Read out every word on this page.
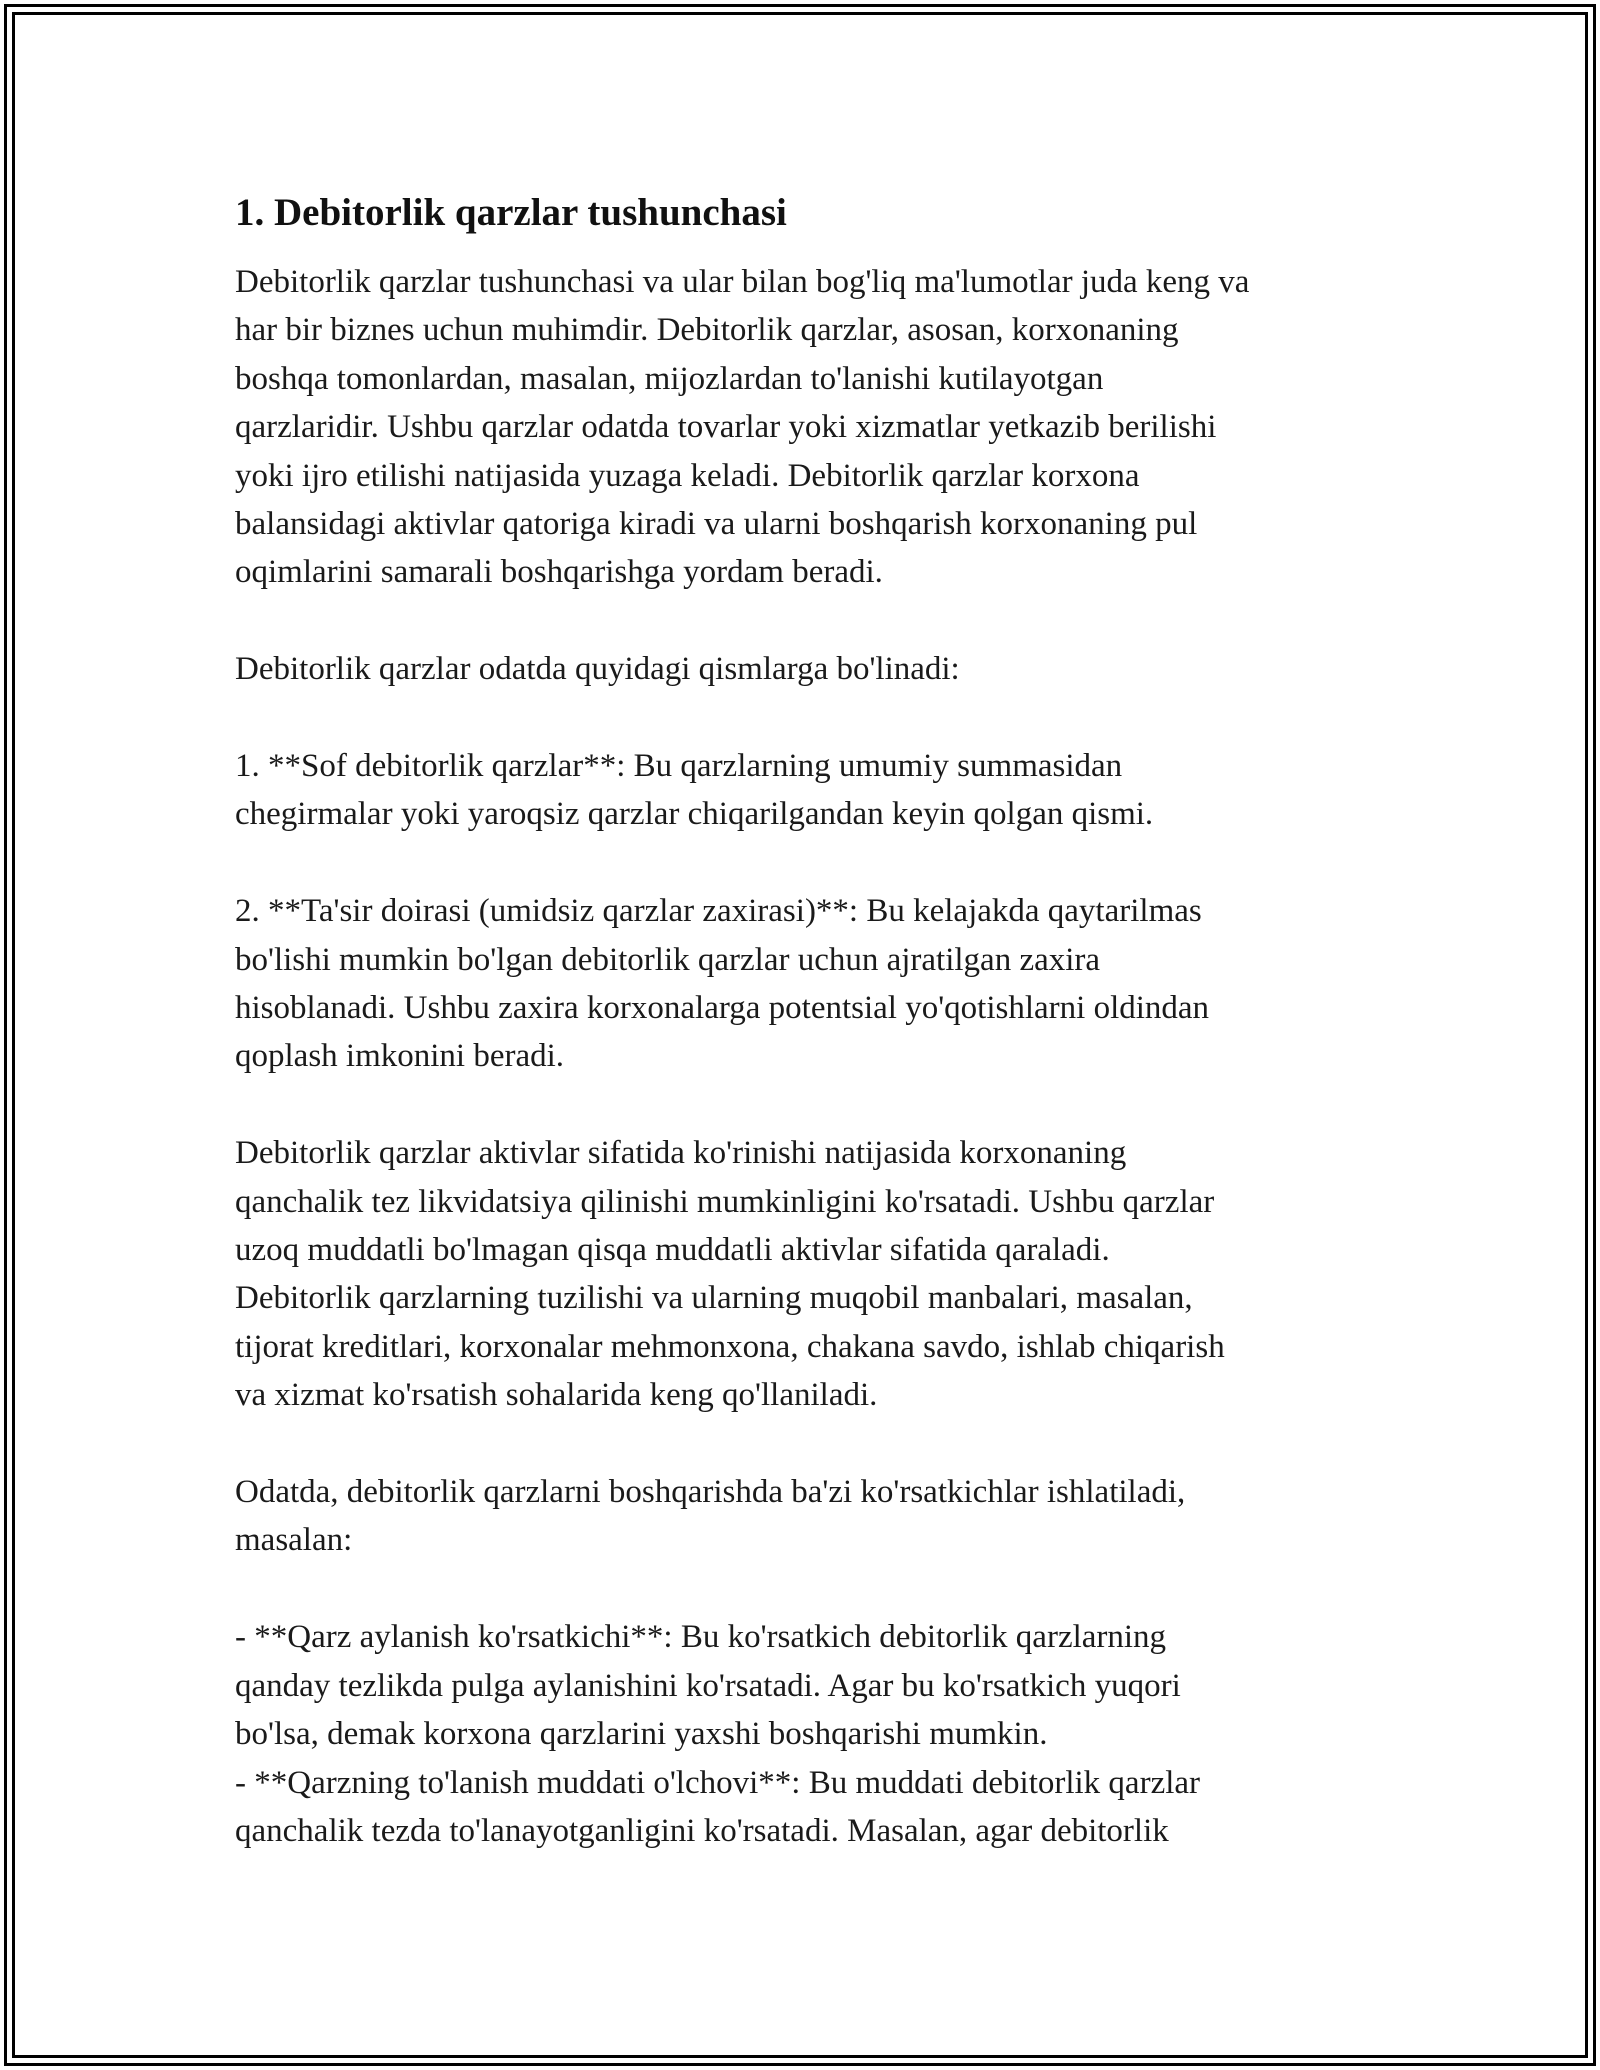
1. Debitorlik qarzlar tushunchasi
Debitorlik qarzlar tushunchasi va ular bilan bog'liq ma'lumotlar juda keng va
har bir biznes uchun muhimdir. Debitorlik qarzlar, asosan, korxonaning
boshqa tomonlardan, masalan, mijozlardan to'lanishi kutilayotgan
qarzlaridir. Ushbu qarzlar odatda tovarlar yoki xizmatlar yetkazib berilishi
yoki ijro etilishi natijasida yuzaga keladi. Debitorlik qarzlar korxona
balansidagi aktivlar qatoriga kiradi va ularni boshqarish korxonaning pul
oqimlarini samarali boshqarishga yordam beradi.
Debitorlik qarzlar odatda quyidagi qismlarga bo'linadi:
1. **Sof debitorlik qarzlar**: Bu qarzlarning umumiy summasidan
chegirmalar yoki yaroqsiz qarzlar chiqarilgandan keyin qolgan qismi.
2. **Ta'sir doirasi (umidsiz qarzlar zaxirasi)**: Bu kelajakda qaytarilmas
bo'lishi mumkin bo'lgan debitorlik qarzlar uchun ajratilgan zaxira
hisoblanadi. Ushbu zaxira korxonalarga potentsial yo'qotishlarni oldindan
qoplash imkonini beradi.
Debitorlik qarzlar aktivlar sifatida ko'rinishi natijasida korxonaning
qanchalik tez likvidatsiya qilinishi mumkinligini ko'rsatadi. Ushbu qarzlar
uzoq muddatli bo'lmagan qisqa muddatli aktivlar sifatida qaraladi.
Debitorlik qarzlarning tuzilishi va ularning muqobil manbalari, masalan,
tijorat kreditlari, korxonalar mehmonxona, chakana savdo, ishlab chiqarish
va xizmat ko'rsatish sohalarida keng qo'llaniladi.
Odatda, debitorlik qarzlarni boshqarishda ba'zi ko'rsatkichlar ishlatiladi,
masalan:
- **Qarz aylanish ko'rsatkichi**: Bu ko'rsatkich debitorlik qarzlarning
qanday tezlikda pulga aylanishini ko'rsatadi. Agar bu ko'rsatkich yuqori
bo'lsa, demak korxona qarzlarini yaxshi boshqarishi mumkin.
- **Qarzning to'lanish muddati o'lchovi**: Bu muddati debitorlik qarzlar
qanchalik tezda to'lanayotganligini ko'rsatadi. Masalan, agar debitorlik
